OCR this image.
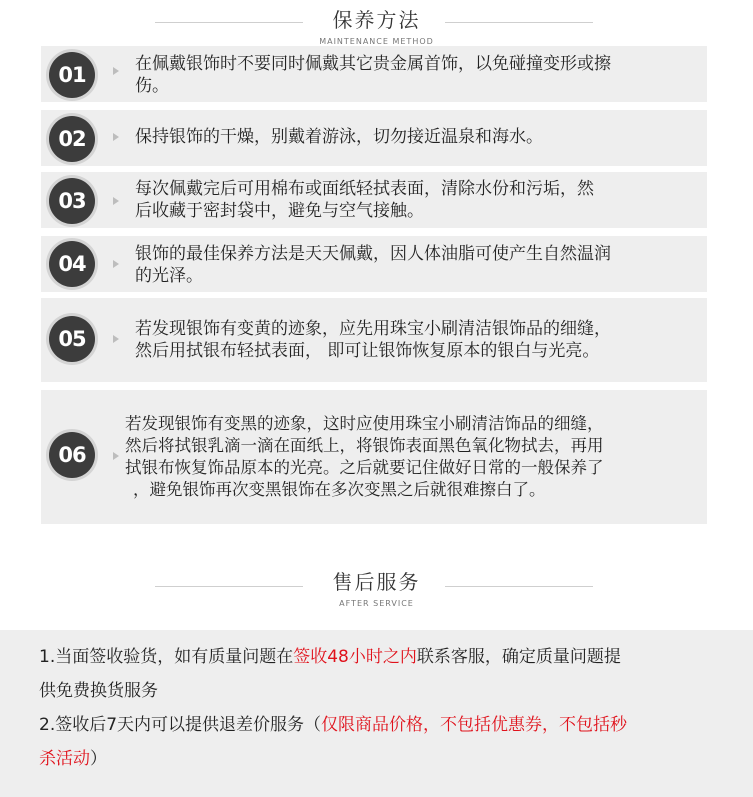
保养方法
MAINTENANCE METHOD
01	在佩戴银饰时不要同时佩戴其它贵金属首饰，以免碰撞变形或擦
伤。
02	保持银饰的干燥，别戴着游泳，切勿接近温泉和海水。
03	每次佩戴完后可用棉布或面纸轻拭表面，清除水份和污垢，然
后收藏于密封袋中，避免与空气接触。
04	银饰的最佳保养方法是天天佩戴，因人体油脂可使产生自然温润
的光泽。
05	若发现银饰有变黄的迹象，应先用珠宝小刷清洁银饰品的细缝，
然后用拭银布轻拭表面， 即可让银饰恢复原本的银白与光亮。
06
若发现银饰有变黑的迹象，这时应使用珠宝小刷清洁饰品的细缝，
然后将拭银乳滴一滴在面纸上，将银饰表面黑色氧化物拭去，再用
拭银布恢复饰品原本的光亮。之后就要记住做好日常的一般保养了
，避免银饰再次变黑银饰在多次变黑之后就很难擦白了。
售后服务
AFTER SERVICE

1.当面签收验货，如有质量问题在签收48小时之内联系客服，确定质量问题提

供免费换货服务

2.签收后7天内可以提供退差价服务（仅限商品价格，不包括优惠券，不包括秒

杀活动）
